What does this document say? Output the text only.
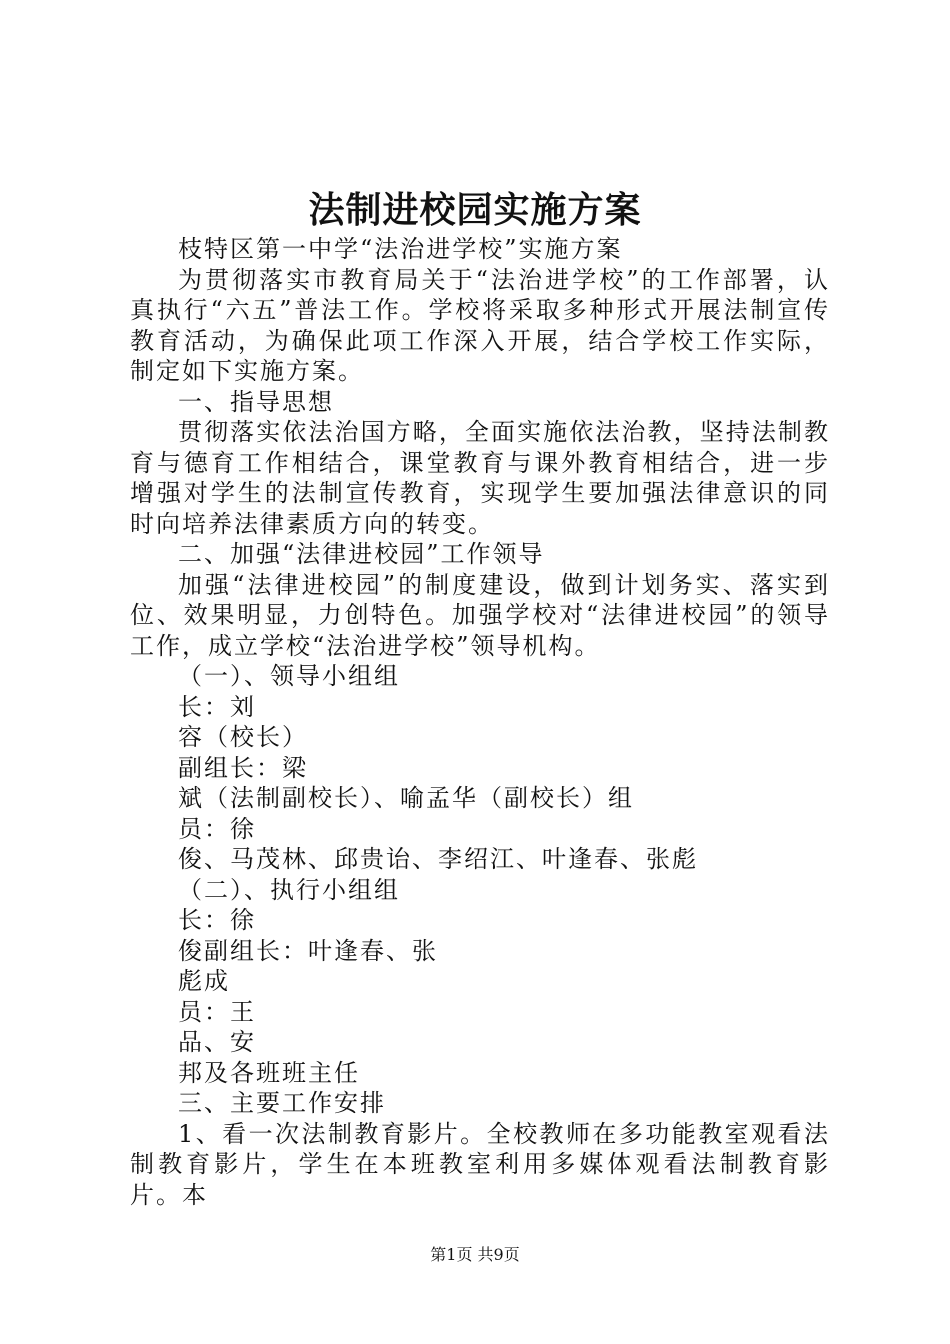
法制进校园实施方案

枝特区第一中学“法治进学校”实施方案

为贯彻落实市教育局关于“法治进学校”的工作部署，认真执行“六五”普法工作。学校将采取多种形式开展法制宣传教育活动，为确保此项工作深入开展，结合学校工作实际，制定如下实施方案。

一、指导思想

贯彻落实依法治国方略，全面实施依法治教，坚持法制教育与德育工作相结合，课堂教育与课外教育相结合，进一步增强对学生的法制宣传教育，实现学生要加强法律意识的同时向培养法律素质方向的转变。

二、加强“法律进校园”工作领导

加强“法律进校园”的制度建设，做到计划务实、落实到位、效果明显，力创特色。加强学校对“法律进校园”的领导工作，成立学校“法治进学校”领导机构。

（一）、领导小组组

长：刘

容（校长）

副组长：梁

斌（法制副校长）、喻孟华（副校长）组

员：徐

俊、马茂林、邱贵诒、李绍江、叶逢春、张彪

（二）、执行小组组

长：徐

俊副组长：叶逢春、张

彪成

员：王

品、安

邦及各班班主任

三、主要工作安排

1、看一次法制教育影片。全校教师在多功能教室观看法制教育影片，学生在本班教室利用多媒体观看法制教育影片。本

第1页 共9页
